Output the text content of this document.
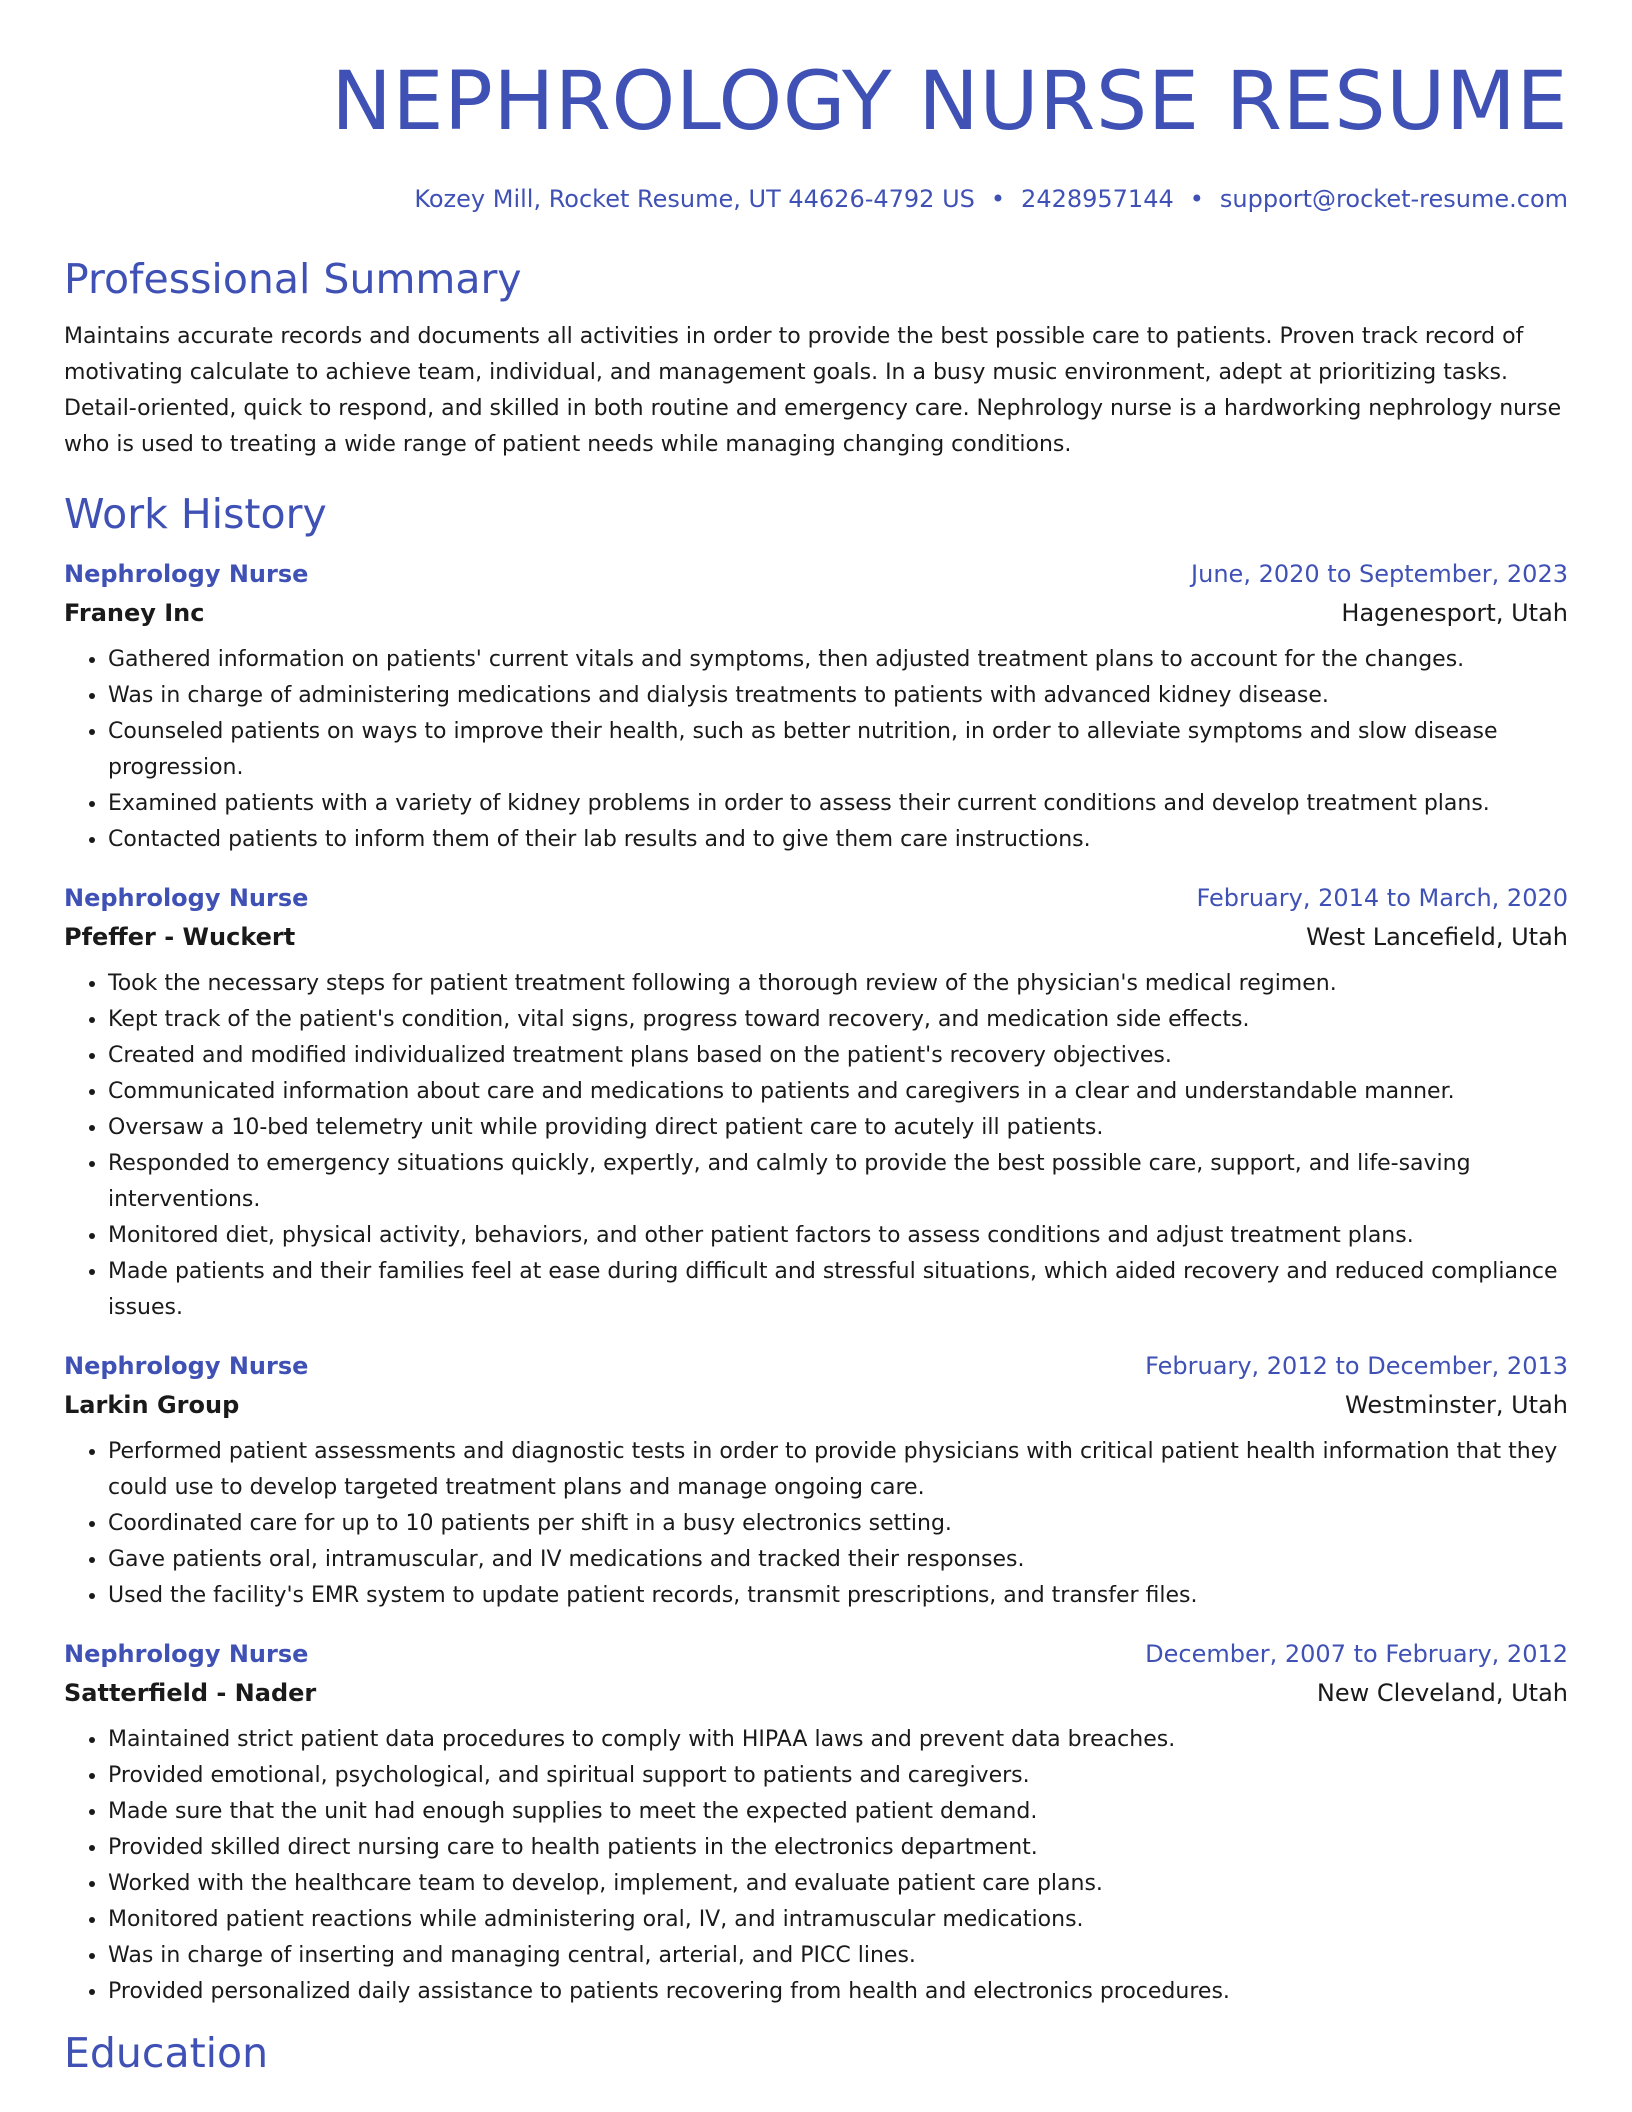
NEPHROLOGY NURSE RESUME
Kozey Mill, Rocket Resume, UT 44626-4792 US • 2428957144 • support@rocket-resume.com
Professional Summary
Maintains accurate records and documents all activities in order to provide the best possible care to patients. Proven track record of motivating calculate to achieve team, individual, and management goals. In a busy music environment, adept at prioritizing tasks. Detail-oriented, quick to respond, and skilled in both routine and emergency care. Nephrology nurse is a hardworking nephrology nurse who is used to treating a wide range of patient needs while managing changing conditions.
Work History
Nephrology Nurse	June, 2020 to September, 2023
Franey Inc	Hagenesport, Utah
• Gathered information on patients' current vitals and symptoms, then adjusted treatment plans to account for the changes.
• Was in charge of administering medications and dialysis treatments to patients with advanced kidney disease.
• Counseled patients on ways to improve their health, such as better nutrition, in order to alleviate symptoms and slow disease progression.
• Examined patients with a variety of kidney problems in order to assess their current conditions and develop treatment plans.
• Contacted patients to inform them of their lab results and to give them care instructions.
Nephrology Nurse	February, 2014 to March, 2020
Pfeffer - Wuckert	West Lancefield, Utah
• Took the necessary steps for patient treatment following a thorough review of the physician's medical regimen.
• Kept track of the patient's condition, vital signs, progress toward recovery, and medication side effects.
• Created and modified individualized treatment plans based on the patient's recovery objectives.
• Communicated information about care and medications to patients and caregivers in a clear and understandable manner.
• Oversaw a 10-bed telemetry unit while providing direct patient care to acutely ill patients.
• Responded to emergency situations quickly, expertly, and calmly to provide the best possible care, support, and life-saving interventions.
• Monitored diet, physical activity, behaviors, and other patient factors to assess conditions and adjust treatment plans.
• Made patients and their families feel at ease during difficult and stressful situations, which aided recovery and reduced compliance issues.
Nephrology Nurse	February, 2012 to December, 2013
Larkin Group	Westminster, Utah
• Performed patient assessments and diagnostic tests in order to provide physicians with critical patient health information that they could use to develop targeted treatment plans and manage ongoing care.
• Coordinated care for up to 10 patients per shift in a busy electronics setting.
• Gave patients oral, intramuscular, and IV medications and tracked their responses.
• Used the facility's EMR system to update patient records, transmit prescriptions, and transfer files.
Nephrology Nurse	December, 2007 to February, 2012
Satterfield - Nader	New Cleveland, Utah
• Maintained strict patient data procedures to comply with HIPAA laws and prevent data breaches.
• Provided emotional, psychological, and spiritual support to patients and caregivers.
• Made sure that the unit had enough supplies to meet the expected patient demand.
• Provided skilled direct nursing care to health patients in the electronics department.
• Worked with the healthcare team to develop, implement, and evaluate patient care plans.
• Monitored patient reactions while administering oral, IV, and intramuscular medications.
• Was in charge of inserting and managing central, arterial, and PICC lines.
• Provided personalized daily assistance to patients recovering from health and electronics procedures.
Education
